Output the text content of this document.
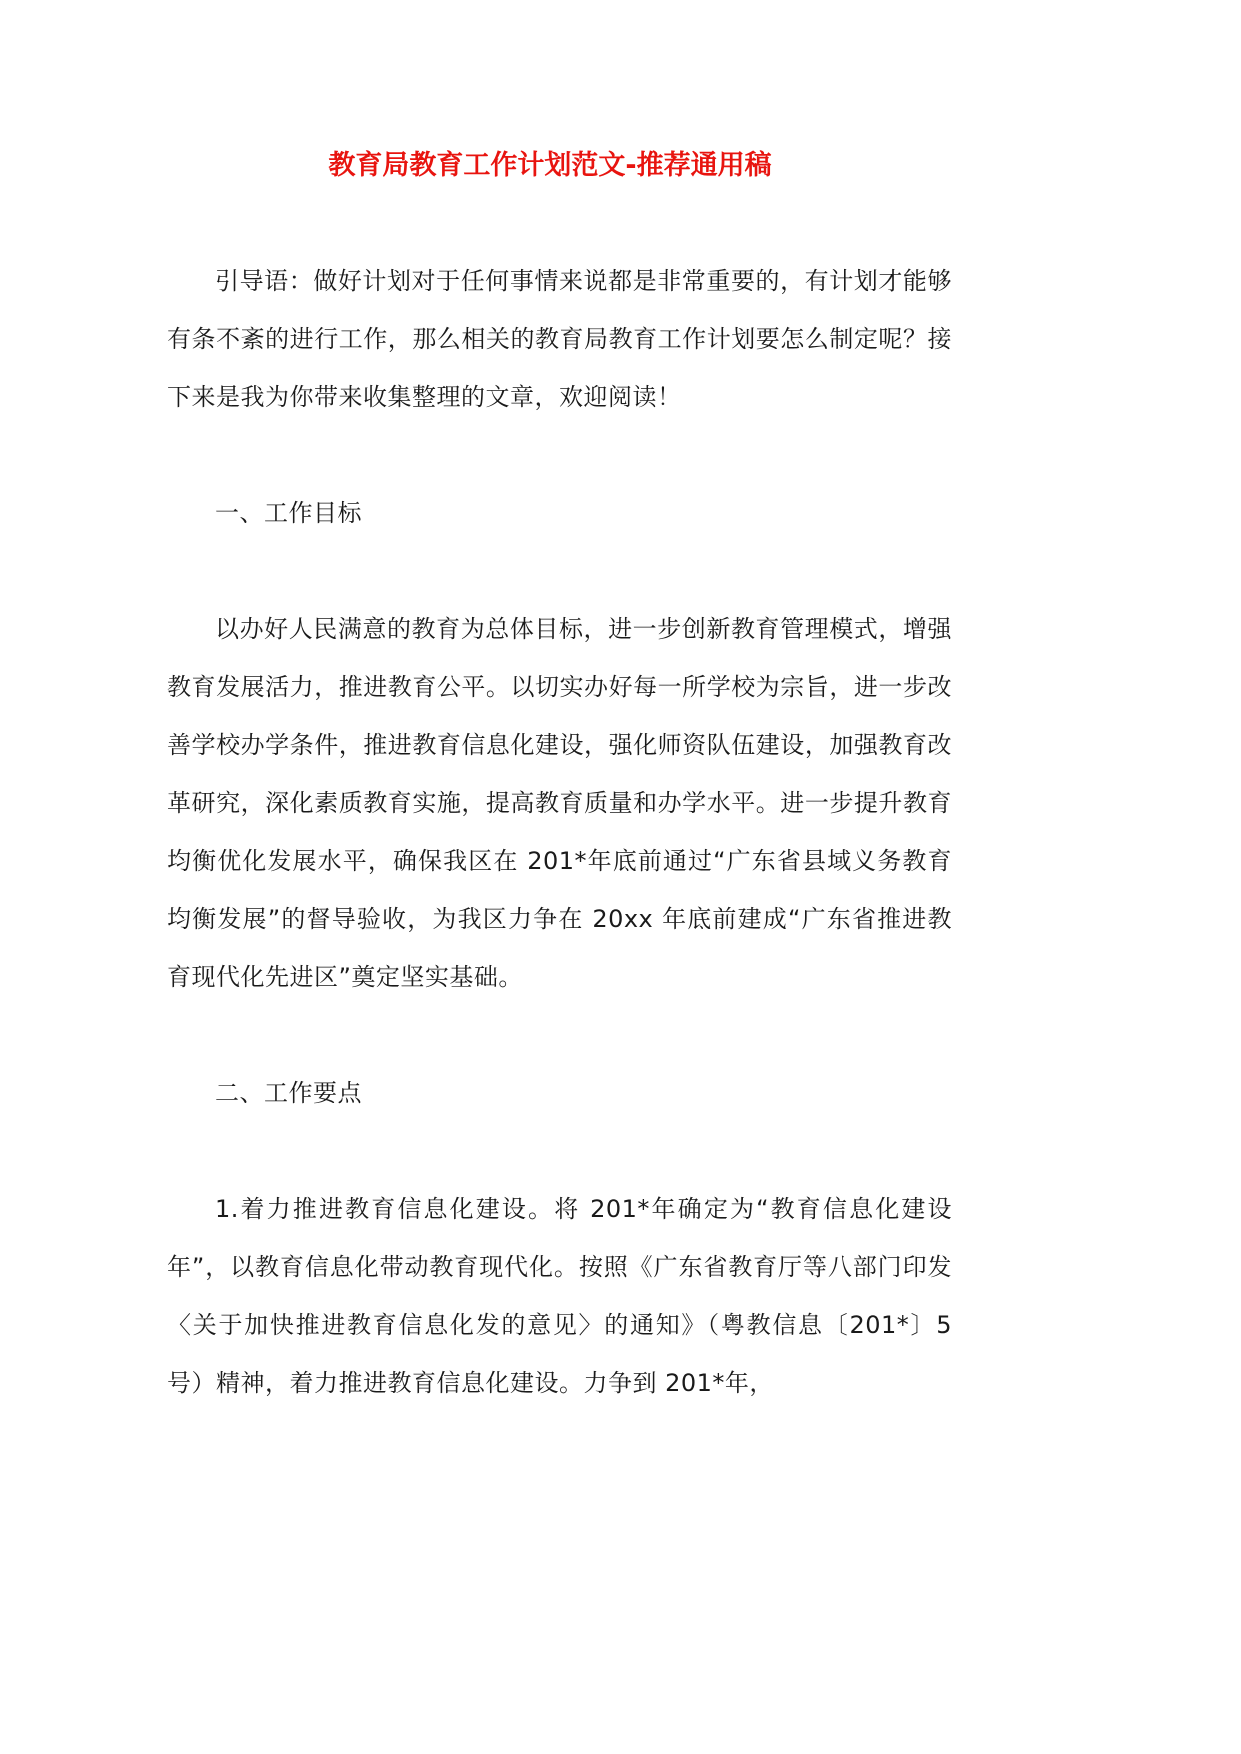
教育局教育工作计划范文-推荐通用稿

引导语：做好计划对于任何事情来说都是非常重要的，有计划才能够有条不紊的进行工作，那么相关的教育局教育工作计划要怎么制定呢？接下来是我为你带来收集整理的文章，欢迎阅读！

一、工作目标

以办好人民满意的教育为总体目标，进一步创新教育管理模式，增强教育发展活力，推进教育公平。以切实办好每一所学校为宗旨，进一步改善学校办学条件，推进教育信息化建设，强化师资队伍建设，加强教育改革研究，深化素质教育实施，提高教育质量和办学水平。进一步提升教育均衡优化发展水平，确保我区在 201*年底前通过“广东省县域义务教育均衡发展”的督导验收，为我区力争在 20xx 年底前建成“广东省推进教育现代化先进区”奠定坚实基础。

二、工作要点

1.着力推进教育信息化建设。将 201*年确定为“教育信息化建设年”，以教育信息化带动教育现代化。按照《广东省教育厅等八部门印发〈关于加快推进教育信息化发的意见〉的通知》（粤教信息〔201*〕5 号）精神，着力推进教育信息化建设。力争到 201*年，
